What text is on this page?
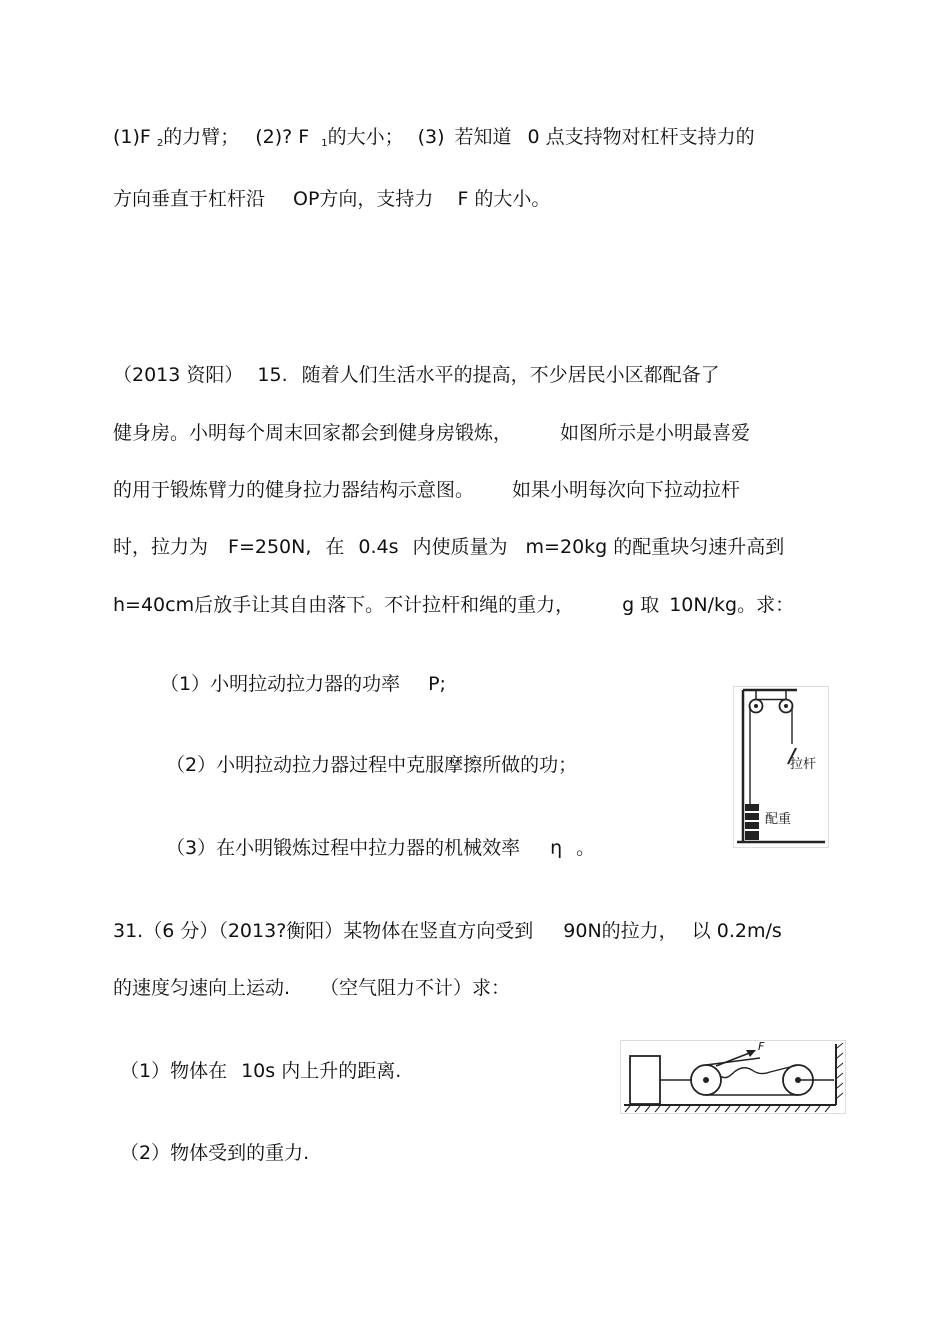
(1)F $_2$的力臂； (2)? F $_1$的大小； (3) 若知道 0 点支持物对杠杆支持力的
方向垂直于杠杆沿 OP方向，支持力 F 的大小。
（2013 资阳） 15. 随着人们生活水平的提高，不少居民小区都配备了
健身房。小明每个周末回家都会到健身房锻炼，	如图所示是小明最喜爱
的用于锻炼臂力的健身拉力器结构示意图。 如果小明每次向下拉动拉杆
时，拉力为 F=250N, 在 0.4s 内使质量为 m=20kg 的配重块匀速升高到
h=40cm后放手让其自由落下。不计拉杆和绳的重力，	g 取 10N/kg。求：
（1）小明拉动拉力器的功率 P;
（2）小明拉动拉力器过程中克服摩擦所做的功；
（3）在小明锻炼过程中拉力器的机械效率 η 。
拉杆
配重
31.（6 分）（2013?衡阳）某物体在竖直方向受到 90N的拉力， 以 0.2m/s
的速度匀速向上运动. （空气阻力不计）求：
（1）物体在 10s 内上升的距离.
（2）物体受到的重力.
F
